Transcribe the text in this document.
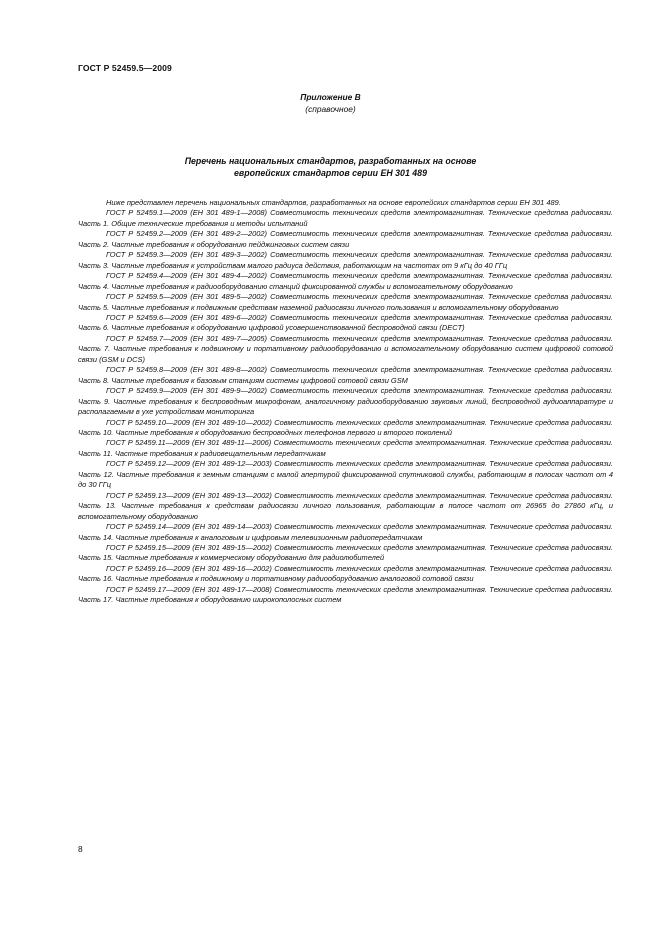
ГОСТ Р 52459.5—2009
Приложение В
(справочное)
Перечень национальных стандартов, разработанных на основе
европейских стандартов серии ЕН 301 489

Ниже представлен перечень национальных стандартов, разработанных на основе европейских стандартов серии ЕН 301 489.

ГОСТ Р 52459.1—2009 (ЕН 301 489-1—2008) Совместимость технических средств электромагнитная. Технические средства радиосвязи. Часть 1. Общие технические требования и методы испытаний

ГОСТ Р 52459.2—2009 (ЕН 301 489-2—2002) Совместимость технических средств электромагнитная. Технические средства радиосвязи. Часть 2. Частные требования к оборудованию пейджинговых систем связи

ГОСТ Р 52459.3—2009 (ЕН 301 489-3—2002) Совместимость технических средств электромагнитная. Технические средства радиосвязи. Часть 3. Частные требования к устройствам малого радиуса действия, работающим на частотах от 9 кГц до 40 ГГц

ГОСТ Р 52459.4—2009 (ЕН 301 489-4—2002) Совместимость технических средств электромагнитная. Технические средства радиосвязи. Часть 4. Частные требования к радиооборудованию станций фиксированной службы и вспомогательному оборудованию

ГОСТ Р 52459.5—2009 (ЕН 301 489-5—2002) Совместимость технических средств электромагнитная. Технические средства радиосвязи. Часть 5. Частные требования к подвижным средствам наземной радиосвязи личного пользования и вспомогательному оборудованию

ГОСТ Р 52459.6—2009 (ЕН 301 489-6—2002) Совместимость технических средств электромагнитная. Технические средства радиосвязи. Часть 6. Частные требования к оборудованию цифровой усовершенствованной беспроводной связи (DECT)

ГОСТ Р 52459.7—2009 (ЕН 301 489-7—2005) Совместимость технических средств электромагнитная. Технические средства радиосвязи. Часть 7. Частные требования к подвижному и портативному радиооборудованию и вспомогательному оборудованию систем цифровой сотовой связи (GSM и DCS)

ГОСТ Р 52459.8—2009 (ЕН 301 489-8—2002) Совместимость технических средств электромагнитная. Технические средства радиосвязи. Часть 8. Частные требования к базовым станциям системы цифровой сотовой связи GSM

ГОСТ Р 52459.9—2009 (ЕН 301 489-9—2002) Совместимость технических средств электромагнитная. Технические средства радиосвязи. Часть 9. Частные требования к беспроводным микрофонам, аналогичному радиооборудованию звуковых линий, беспроводной аудиоаппаратуре и располагаемым в ухе устройствам мониторинга

ГОСТ Р 52459.10—2009 (ЕН 301 489-10—2002) Совместимость технических средств электромагнитная. Технические средства радиосвязи. Часть 10. Частные требования к оборудованию беспроводных телефонов первого и второго поколений

ГОСТ Р 52459.11—2009 (ЕН 301 489-11—2006) Совместимость технических средств электромагнитная. Технические средства радиосвязи. Часть 11. Частные требования к радиовещательным передатчикам

ГОСТ Р 52459.12—2009 (ЕН 301 489-12—2003) Совместимость технических средств электромагнитная. Технические средства радиосвязи. Часть 12. Частные требования к земным станциям с малой апертурой фиксированной спутниковой службы, работающим в полосах частот от 4 до 30 ГГц

ГОСТ Р 52459.13—2009 (ЕН 301 489-13—2002) Совместимость технических средств электромагнитная. Технические средства радиосвязи. Часть 13. Частные требования к средствам радиосвязи личного пользования, работающим в полосе частот от 26965 до 27860 кГц, и вспомогательному оборудованию

ГОСТ Р 52459.14—2009 (ЕН 301 489-14—2003) Совместимость технических средств электромагнитная. Технические средства радиосвязи. Часть 14. Частные требования к аналоговым и цифровым телевизионным радиопередатчикам

ГОСТ Р 52459.15—2009 (ЕН 301 489-15—2002) Совместимость технических средств электромагнитная. Технические средства радиосвязи. Часть 15. Частные требования к коммерческому оборудованию для радиолюбителей

ГОСТ Р 52459.16—2009 (ЕН 301 489-16—2002) Совместимость технических средств электромагнитная. Технические средства радиосвязи. Часть 16. Частные требования к подвижному и портативному радиооборудованию аналоговой сотовой связи

ГОСТ Р 52459.17—2009 (ЕН 301 489-17—2008) Совместимость технических средств электромагнитная. Технические средства радиосвязи. Часть 17. Частные требования к оборудованию широкополосных систем

8
